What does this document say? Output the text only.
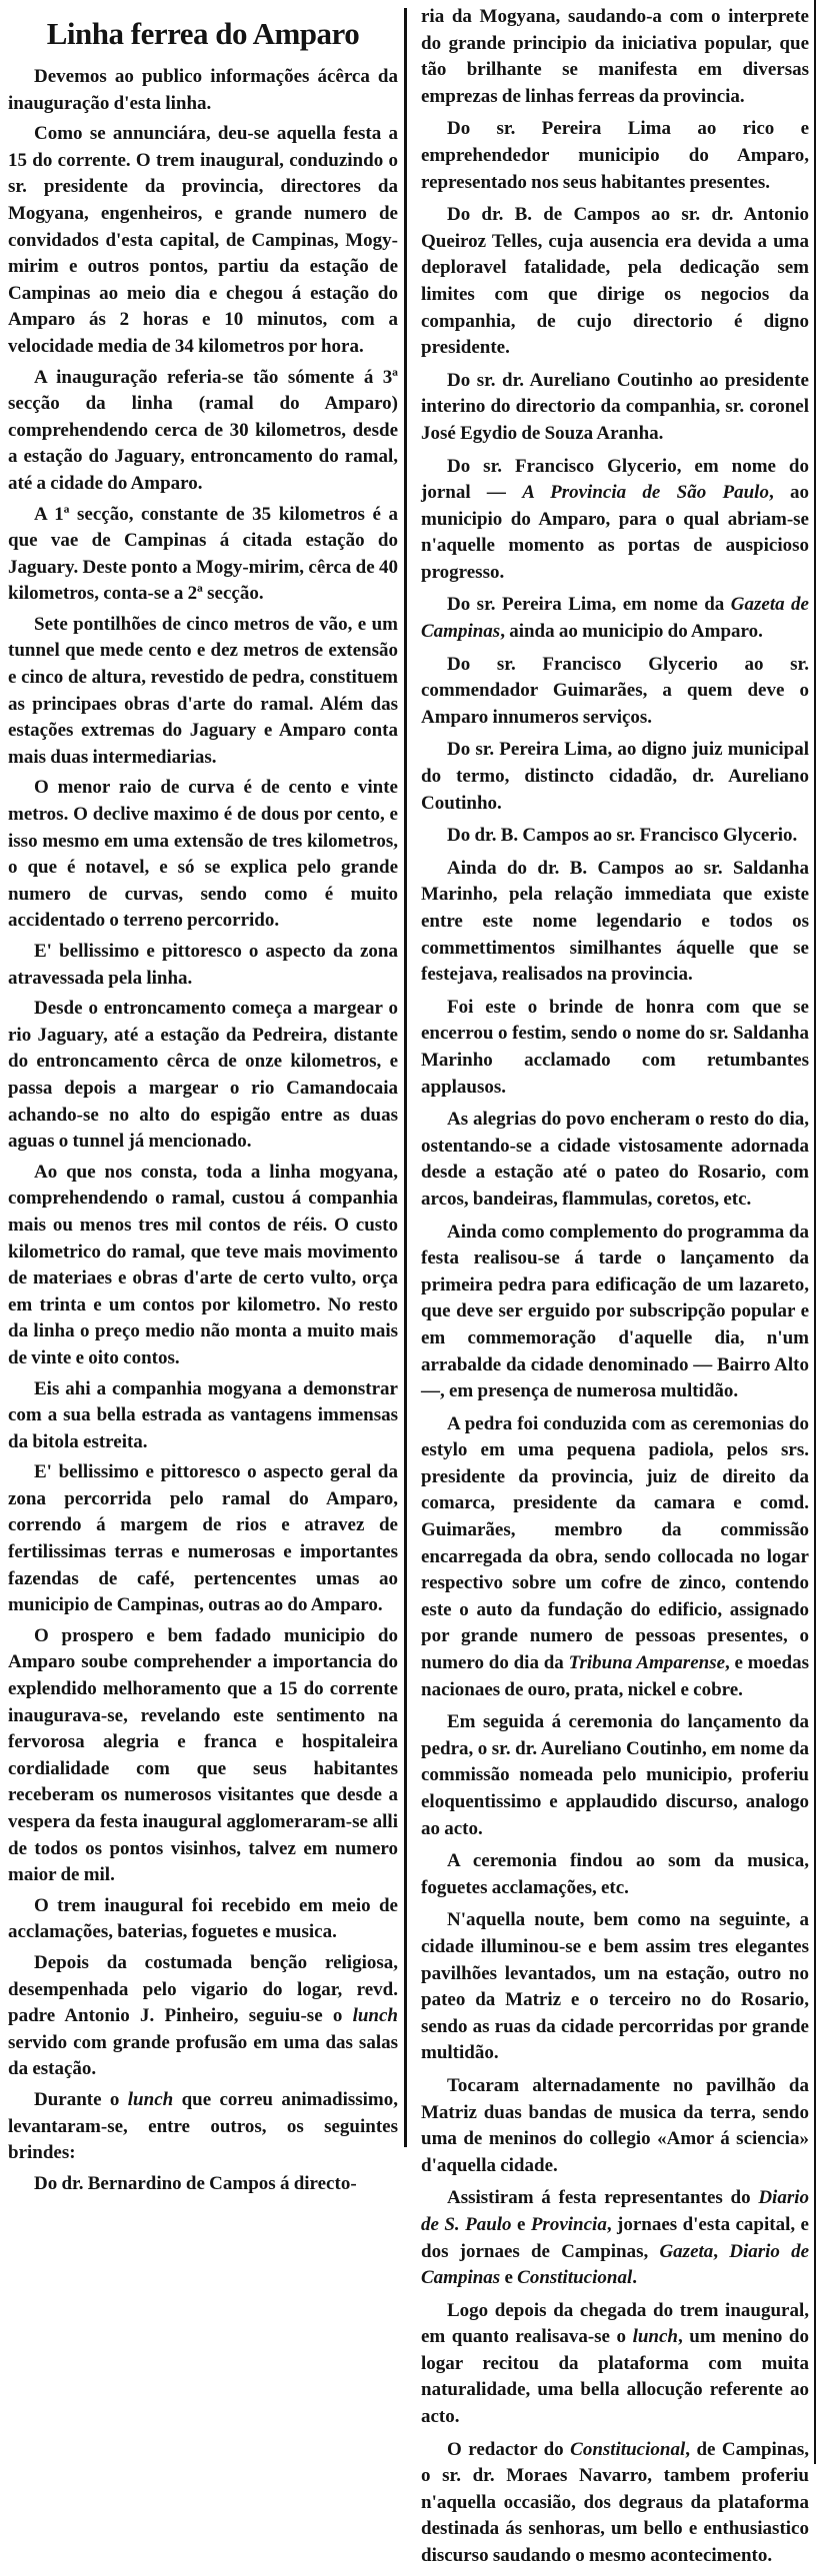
Linha ferrea do Amparo

Devemos ao publico informações ácêrca da inauguração d'esta linha.

Como se annunciára, deu-se aquella festa a 15 do corrente. O trem inaugural, conduzindo o sr. presidente da provincia, directores da Mogyana, engenheiros, e grande numero de convidados d'esta capital, de Campinas, Mogy-mirim e outros pontos, partiu da estação de Campinas ao meio dia e chegou á estação do Amparo ás 2 horas e 10 minutos, com a velocidade media de 34 kilometros por hora.

A inauguração referia-se tão sómente á 3ª secção da linha (ramal do Amparo) comprehendendo cerca de 30 kilometros, desde a estação do Jaguary, entroncamento do ramal, até a cidade do Amparo.

A 1ª secção, constante de 35 kilometros é a que vae de Campinas á citada estação do Jaguary. Deste ponto a Mogy-mirim, cêrca de 40 kilometros, conta-se a 2ª secção.

Sete pontilhões de cinco metros de vão, e um tunnel que mede cento e dez metros de extensão e cinco de altura, revestido de pedra, constituem as principaes obras d'arte do ramal. Além das estações extremas do Jaguary e Amparo conta mais duas intermediarias.

O menor raio de curva é de cento e vinte metros. O declive maximo é de dous por cento, e isso mesmo em uma extensão de tres kilometros, o que é notavel, e só se explica pelo grande numero de curvas, sendo como é muito accidentado o terreno percorrido.

E' bellissimo e pittoresco o aspecto da zona atravessada pela linha.

Desde o entroncamento começa a margear o rio Jaguary, até a estação da Pedreira, distante do entroncamento cêrca de onze kilometros, e passa depois a margear o rio Camandocaia achando-se no alto do espigão entre as duas aguas o tunnel já mencionado.

Ao que nos consta, toda a linha mogyana, comprehendendo o ramal, custou á companhia mais ou menos tres mil contos de réis. O custo kilometrico do ramal, que teve mais movimento de materiaes e obras d'arte de certo vulto, orça em trinta e um contos por kilometro. No resto da linha o preço medio não monta a muito mais de vinte e oito contos.

Eis ahi a companhia mogyana a demonstrar com a sua bella estrada as vantagens immensas da bitola estreita.

E' bellissimo e pittoresco o aspecto geral da zona percorrida pelo ramal do Amparo, correndo á margem de rios e atravez de fertilissimas terras e numerosas e importantes fazendas de café, pertencentes umas ao municipio de Campinas, outras ao do Amparo.

O prospero e bem fadado municipio do Amparo soube comprehender a importancia do explendido melhoramento que a 15 do corrente inaugurava-se, revelando este sentimento na fervorosa alegria e franca e hospitaleira cordialidade com que seus habitantes receberam os numerosos visitantes que desde a vespera da festa inaugural agglomeraram-se alli de todos os pontos visinhos, talvez em numero maior de mil.

O trem inaugural foi recebido em meio de acclamações, baterias, foguetes e musica.

Depois da costumada benção religiosa, desempenhada pelo vigario do logar, revd. padre Antonio J. Pinheiro, seguiu-se o lunch servido com grande profusão em uma das salas da estação.

Durante o lunch que correu animadissimo, levantaram-se, entre outros, os seguintes brindes:

Do dr. Bernardino de Campos á directo-

ria da Mogyana, saudando-a com o interprete do grande principio da iniciativa popular, que tão brilhante se manifesta em diversas emprezas de linhas ferreas da provincia.

Do sr. Pereira Lima ao rico e emprehendedor municipio do Amparo, representado nos seus habitantes presentes.

Do dr. B. de Campos ao sr. dr. Antonio Queiroz Telles, cuja ausencia era devida a uma deploravel fatalidade, pela dedicação sem limites com que dirige os negocios da companhia, de cujo directorio é digno presidente.

Do sr. dr. Aureliano Coutinho ao presidente interino do directorio da companhia, sr. coronel José Egydio de Souza Aranha.

Do sr. Francisco Glycerio, em nome do jornal — A Provincia de São Paulo, ao municipio do Amparo, para o qual abriam-se n'aquelle momento as portas de auspicioso progresso.

Do sr. Pereira Lima, em nome da Gazeta de Campinas, ainda ao municipio do Amparo.

Do sr. Francisco Glycerio ao sr. commendador Guimarães, a quem deve o Amparo innumeros serviços.

Do sr. Pereira Lima, ao digno juiz municipal do termo, distincto cidadão, dr. Aureliano Coutinho.

Do dr. B. Campos ao sr. Francisco Glycerio.

Ainda do dr. B. Campos ao sr. Saldanha Marinho, pela relação immediata que existe entre este nome legendario e todos os commettimentos similhantes áquelle que se festejava, realisados na provincia.

Foi este o brinde de honra com que se encerrou o festim, sendo o nome do sr. Saldanha Marinho acclamado com retumbantes applausos.

As alegrias do povo encheram o resto do dia, ostentando-se a cidade vistosamente adornada desde a estação até o pateo do Rosario, com arcos, bandeiras, flammulas, coretos, etc.

Ainda como complemento do programma da festa realisou-se á tarde o lançamento da primeira pedra para edificação de um lazareto, que deve ser erguido por subscripção popular e em commemoração d'aquelle dia, n'um arrabalde da cidade denominado — Bairro Alto —, em presença de numerosa multidão.

A pedra foi conduzida com as ceremonias do estylo em uma pequena padiola, pelos srs. presidente da provincia, juiz de direito da comarca, presidente da camara e comd. Guimarães, membro da commissão encarregada da obra, sendo collocada no logar respectivo sobre um cofre de zinco, contendo este o auto da fundação do edificio, assignado por grande numero de pessoas presentes, o numero do dia da Tribuna Amparense, e moedas nacionaes de ouro, prata, nickel e cobre.

Em seguida á ceremonia do lançamento da pedra, o sr. dr. Aureliano Coutinho, em nome da commissão nomeada pelo municipio, proferiu eloquentissimo e applaudido discurso, analogo ao acto.

A ceremonia findou ao som da musica, foguetes acclamações, etc.

N'aquella noute, bem como na seguinte, a cidade illuminou-se e bem assim tres elegantes pavilhões levantados, um na estação, outro no pateo da Matriz e o terceiro no do Rosario, sendo as ruas da cidade percorridas por grande multidão.

Tocaram alternadamente no pavilhão da Matriz duas bandas de musica da terra, sendo uma de meninos do collegio «Amor á sciencia» d'aquella cidade.

Assistiram á festa representantes do Diario de S. Paulo e Provincia, jornaes d'esta capital, e dos jornaes de Campinas, Gazeta, Diario de Campinas e Constitucional.

Logo depois da chegada do trem inaugural, em quanto realisava-se o lunch, um menino do logar recitou da plataforma com muita naturalidade, uma bella allocução referente ao acto.

O redactor do Constitucional, de Campinas, o sr. dr. Moraes Navarro, tambem proferiu n'aquella occasião, dos degraus da plataforma destinada ás senhoras, um bello e enthusiastico discurso saudando o mesmo acontecimento.
